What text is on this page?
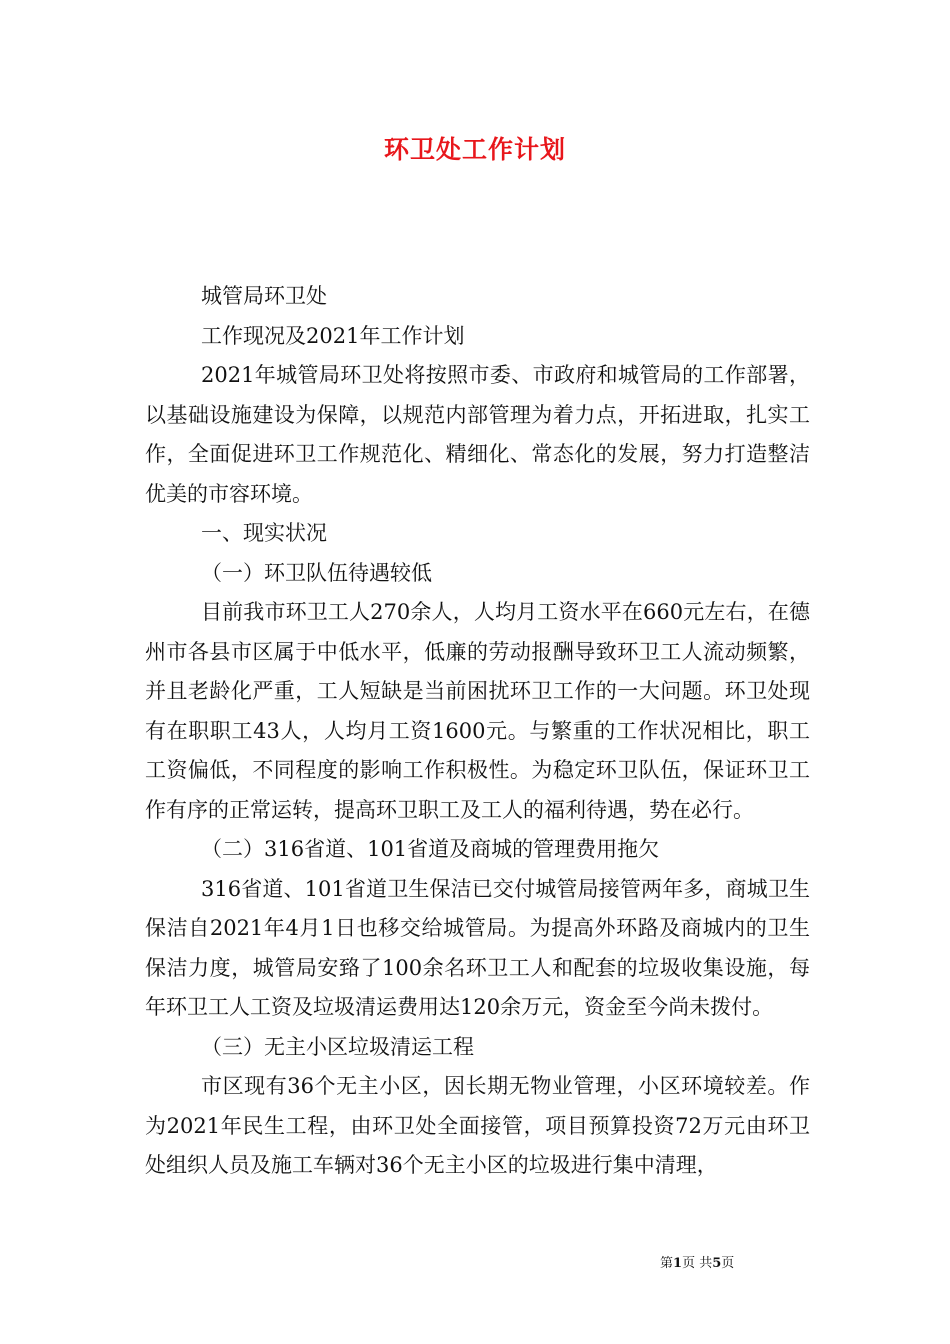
环卫处工作计划

城管局环卫处

工作现况及2021年工作计划

2021年城管局环卫处将按照市委、市政府和城管局的工作部署，以基础设施建设为保障，以规范内部管理为着力点，开拓进取，扎实工作，全面促进环卫工作规范化、精细化、常态化的发展，努力打造整洁优美的市容环境。

一、现实状况

（一）环卫队伍待遇较低

目前我市环卫工人270余人，人均月工资水平在660元左右，在德州市各县市区属于中低水平，低廉的劳动报酬导致环卫工人流动频繁，并且老龄化严重，工人短缺是当前困扰环卫工作的一大问题。环卫处现有在职职工43人，人均月工资1600元。与繁重的工作状况相比，职工工资偏低，不同程度的影响工作积极性。为稳定环卫队伍，保证环卫工作有序的正常运转，提高环卫职工及工人的福利待遇，势在必行。

（二）316省道、101省道及商城的管理费用拖欠

316省道、101省道卫生保洁已交付城管局接管两年多，商城卫生保洁自2021年4月1日也移交给城管局。为提高外环路及商城内的卫生保洁力度，城管局安臵了100余名环卫工人和配套的垃圾收集设施，每年环卫工人工资及垃圾清运费用达120余万元，资金至今尚未拨付。

（三）无主小区垃圾清运工程

市区现有36个无主小区，因长期无物业管理，小区环境较差。作为2021年民生工程，由环卫处全面接管，项目预算投资72万元由环卫处组织人员及施工车辆对36个无主小区的垃圾进行集中清理，

第1页 共5页
